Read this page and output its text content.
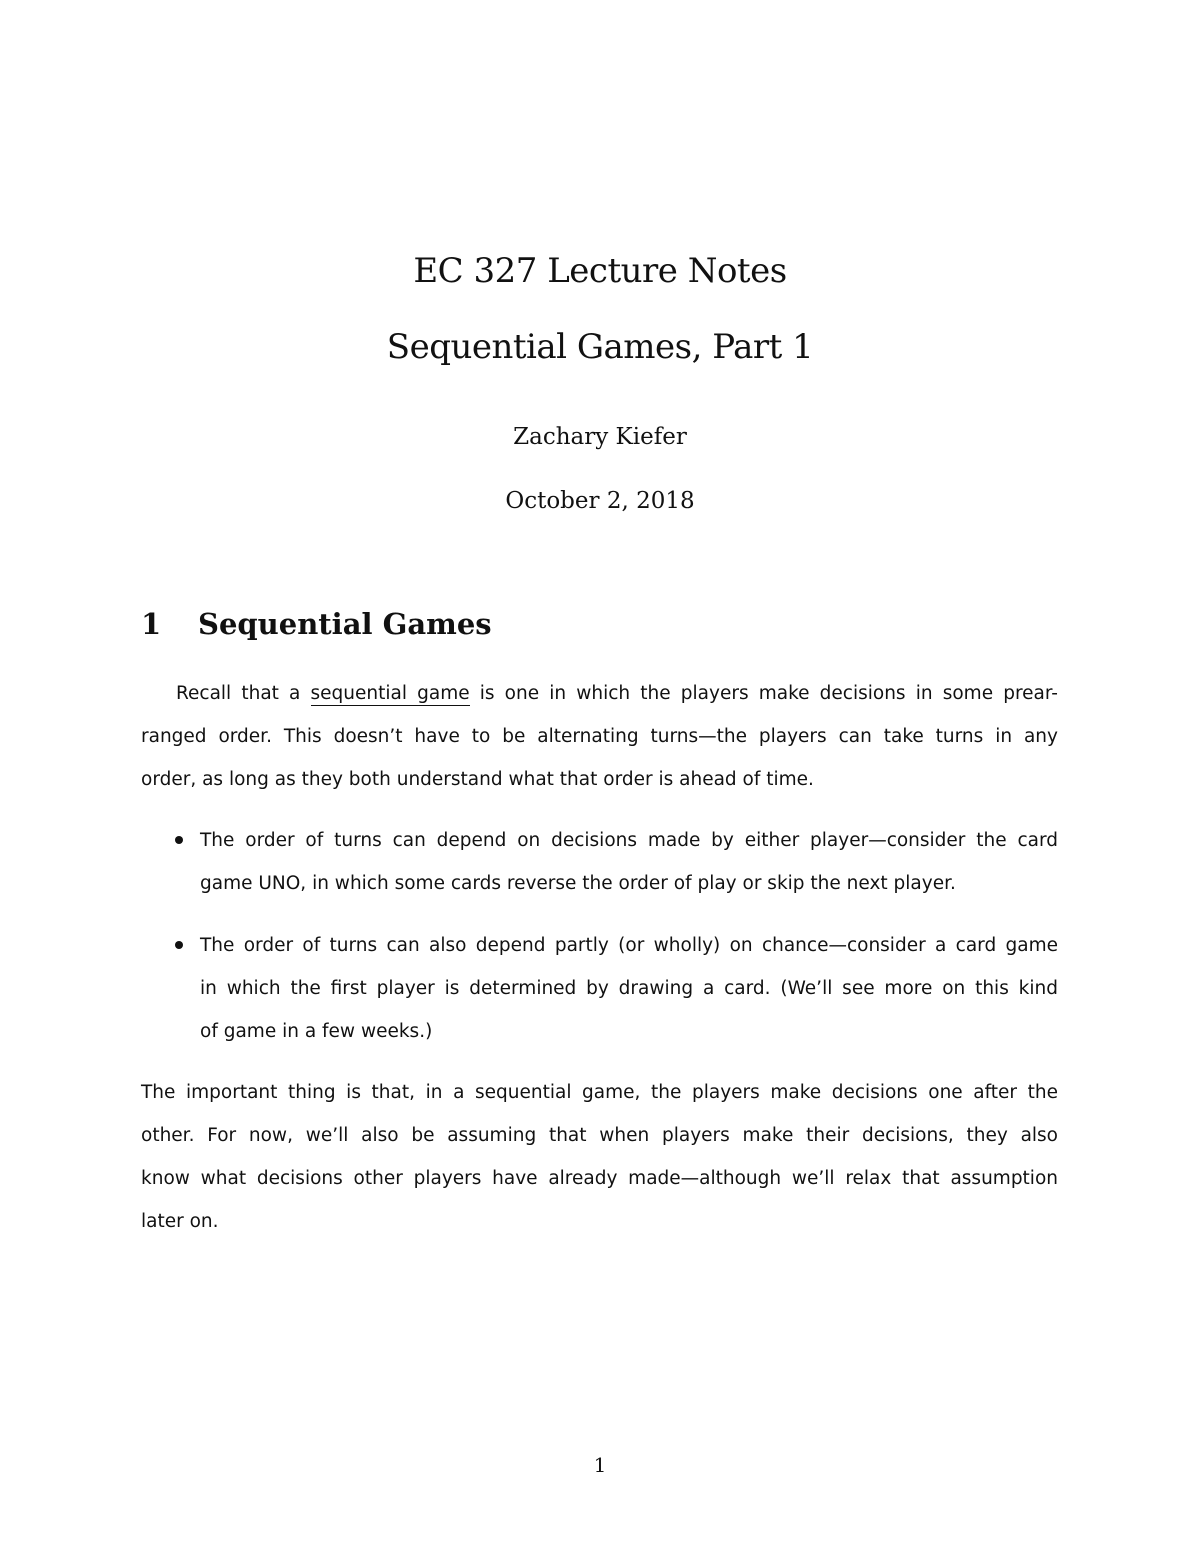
EC 327 Lecture Notes
Sequential Games, Part 1
Zachary Kiefer
October 2, 2018
1 Sequential Games
Recall that a sequential game is one in which the players make decisions in some prear-
ranged order. This doesn’t have to be alternating turns—the players can take turns in any
order, as long as they both understand what that order is ahead of time.
The order of turns can depend on decisions made by either player—consider the card
game UNO, in which some cards reverse the order of play or skip the next player.
The order of turns can also depend partly (or wholly) on chance—consider a card game
in which the first player is determined by drawing a card. (We’ll see more on this kind
of game in a few weeks.)
The important thing is that, in a sequential game, the players make decisions one after the
other. For now, we’ll also be assuming that when players make their decisions, they also
know what decisions other players have already made—although we’ll relax that assumption
later on.
1
